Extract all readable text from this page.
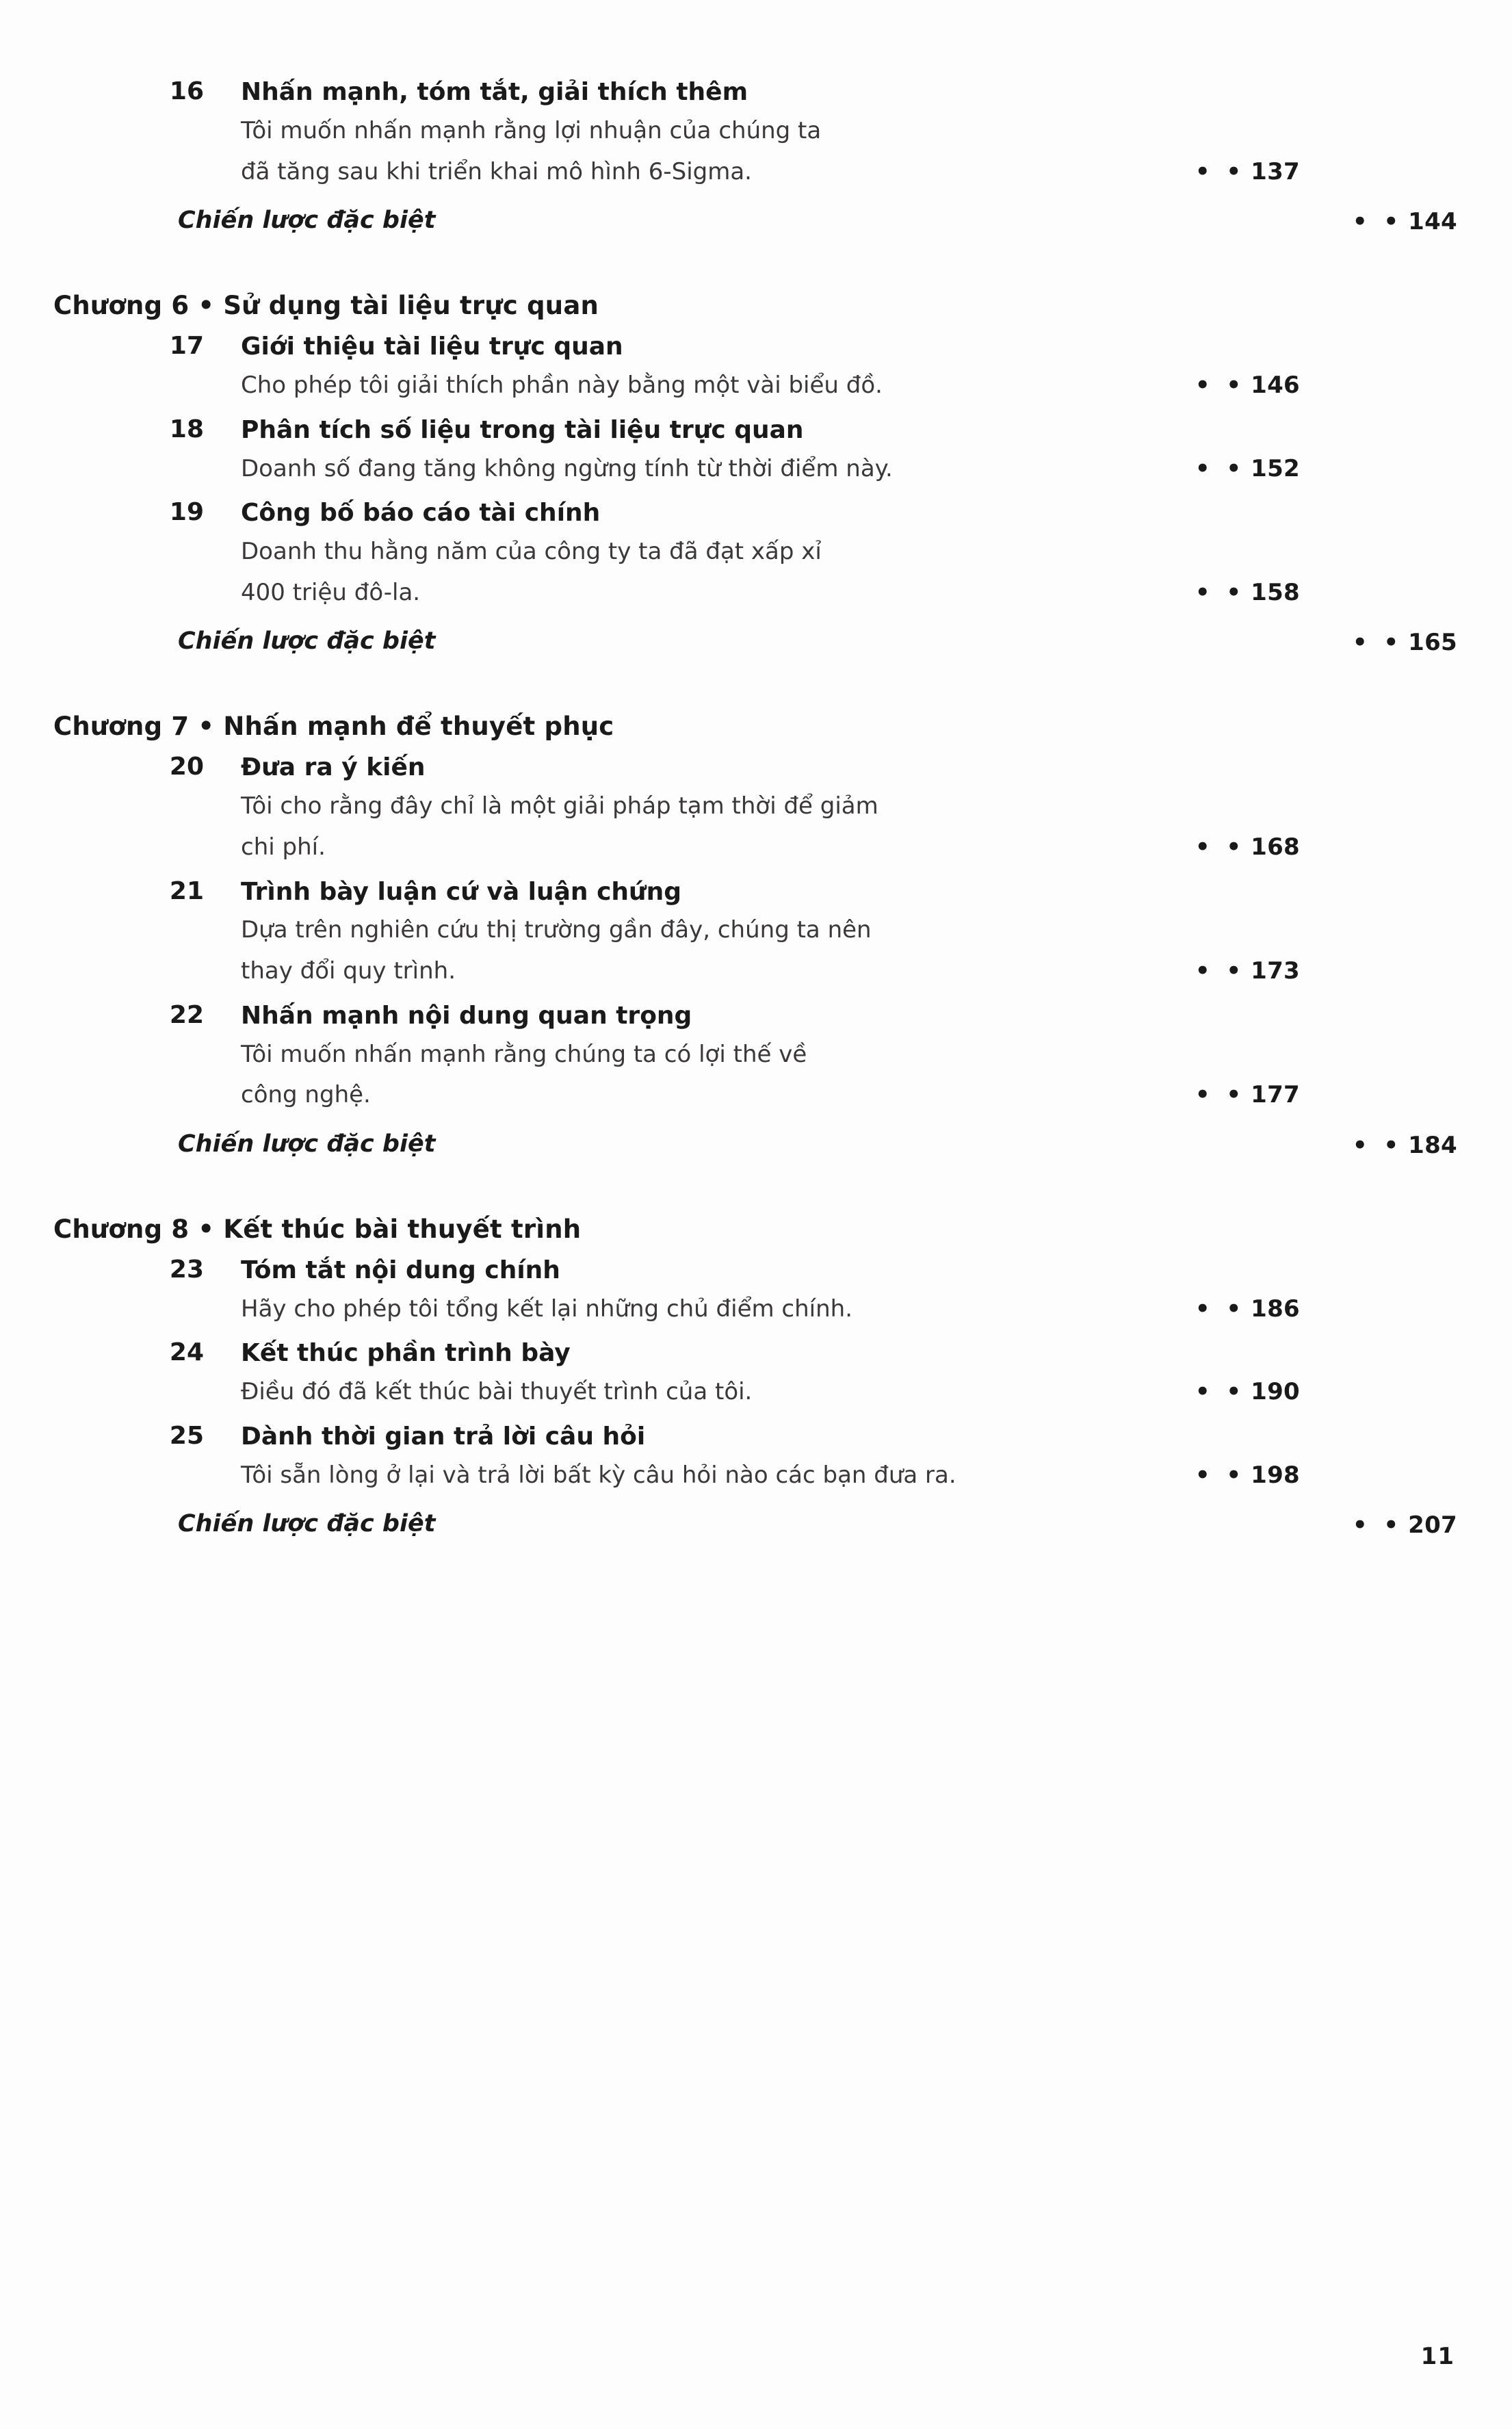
16 Nhấn mạnh, tóm tắt, giải thích thêm
Tôi muốn nhấn mạnh rằng lợi nhuận của chúng ta
đã tăng sau khi triển khai mô hình 6-Sigma.	• • 137
Chiến lược đặc biệt	• • 144
Chương 6 • Sử dụng tài liệu trực quan
17 Giới thiệu tài liệu trực quan
Cho phép tôi giải thích phần này bằng một vài biểu đồ.	• • 146
18 Phân tích số liệu trong tài liệu trực quan
Doanh số đang tăng không ngừng tính từ thời điểm này.	• • 152
19 Công bố báo cáo tài chính
Doanh thu hằng năm của công ty ta đã đạt xấp xỉ
400 triệu đô-la.	• • 158
Chiến lược đặc biệt	• • 165
Chương 7 • Nhấn mạnh để thuyết phục
20 Đưa ra ý kiến
Tôi cho rằng đây chỉ là một giải pháp tạm thời để giảm
chi phí.	• • 168
21 Trình bày luận cứ và luận chứng
Dựa trên nghiên cứu thị trường gần đây, chúng ta nên
thay đổi quy trình.	• • 173
22 Nhấn mạnh nội dung quan trọng
Tôi muốn nhấn mạnh rằng chúng ta có lợi thế về
công nghệ.	• • 177
Chiến lược đặc biệt	• • 184
Chương 8 • Kết thúc bài thuyết trình
23 Tóm tắt nội dung chính
Hãy cho phép tôi tổng kết lại những chủ điểm chính.	• • 186
24 Kết thúc phần trình bày
Điều đó đã kết thúc bài thuyết trình của tôi.	• • 190
25 Dành thời gian trả lời câu hỏi
Tôi sẵn lòng ở lại và trả lời bất kỳ câu hỏi nào các bạn đưa ra.	• • 198
Chiến lược đặc biệt	• • 207
11
